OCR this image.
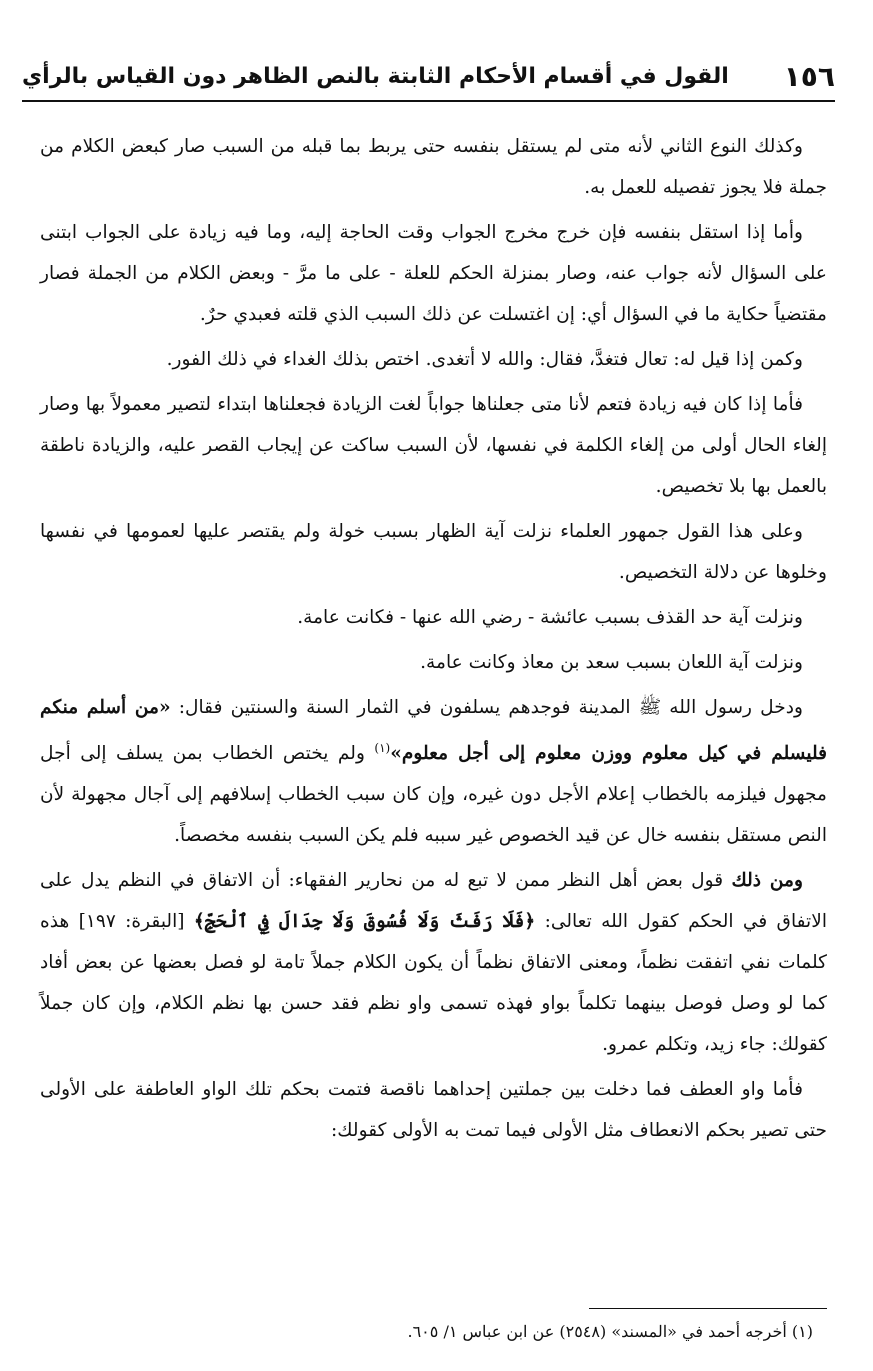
١٥٦
القول في أقسام الأحكام الثابتة بالنص الظاهر دون القياس بالرأي

وكذلك النوع الثاني لأنه متى لم يستقل بنفسه حتى يربط بما قبله من السبب صار كبعض الكلام من جملة فلا يجوز تفصيله للعمل به.

وأما إذا استقل بنفسه فإن خرج مخرج الجواب وقت الحاجة إليه، وما فيه زيادة على الجواب ابتنى على السؤال لأنه جواب عنه، وصار بمنزلة الحكم للعلة - على ما مرَّ - وبعض الكلام من الجملة فصار مقتضياً حكاية ما في السؤال أي: إن اغتسلت عن ذلك السبب الذي قلته فعبدي حرٌ.

وكمن إذا قيل له: تعال فتغدَّ، فقال: والله لا أتغدى. اختص بذلك الغداء في ذلك الفور.

فأما إذا كان فيه زيادة فتعم لأنا متى جعلناها جواباً لغت الزيادة فجعلناها ابتداء لتصير معمولاً بها وصار إلغاء الحال أولى من إلغاء الكلمة في نفسها، لأن السبب ساكت عن إيجاب القصر عليه، والزيادة ناطقة بالعمل بها بلا تخصيص.

وعلى هذا القول جمهور العلماء نزلت آية الظهار بسبب خولة ولم يقتصر عليها لعمومها في نفسها وخلوها عن دلالة التخصيص.

ونزلت آية حد القذف بسبب عائشة - رضي الله عنها - فكانت عامة.

ونزلت آية اللعان بسبب سعد بن معاذ وكانت عامة.

ودخل رسول الله ﷺ المدينة فوجدهم يسلفون في الثمار السنة والسنتين فقال: «من أسلم منكم فليسلم في كيل معلوم ووزن معلوم إلى أجل معلوم»$^{(١)}$ ولم يختص الخطاب بمن يسلف إلى أجل مجهول فيلزمه بالخطاب إعلام الأجل دون غيره، وإن كان سبب الخطاب إسلافهم إلى آجال مجهولة لأن النص مستقل بنفسه خال عن قيد الخصوص غير سببه فلم يكن السبب بنفسه مخصصاً.

ومن ذلك قول بعض أهل النظر ممن لا تبع له من نحارير الفقهاء: أن الاتفاق في النظم يدل على الاتفاق في الحكم كقول الله تعالى: ﴿فَلَا رَفَثَ وَلَا فُسُوقَ وَلَا جِدَالَ فِي ٱلْحَجِّ﴾ [البقرة: ١٩٧] هذه كلمات نفي اتفقت نظماً، ومعنى الاتفاق نظماً أن يكون الكلام جملاً تامة لو فصل بعضها عن بعض أفاد كما لو وصل فوصل بينهما تكلماً بواو فهذه تسمى واو نظم فقد حسن بها نظم الكلام، وإن كان جملاً كقولك: جاء زيد، وتكلم عمرو.

فأما واو العطف فما دخلت بين جملتين إحداهما ناقصة فتمت بحكم تلك الواو العاطفة على الأولى حتى تصير بحكم الانعطاف مثل الأولى فيما تمت به الأولى كقولك:

(١) أخرجه أحمد في «المسند» (٢٥٤٨) عن ابن عباس ١/ ٦٠٥.
